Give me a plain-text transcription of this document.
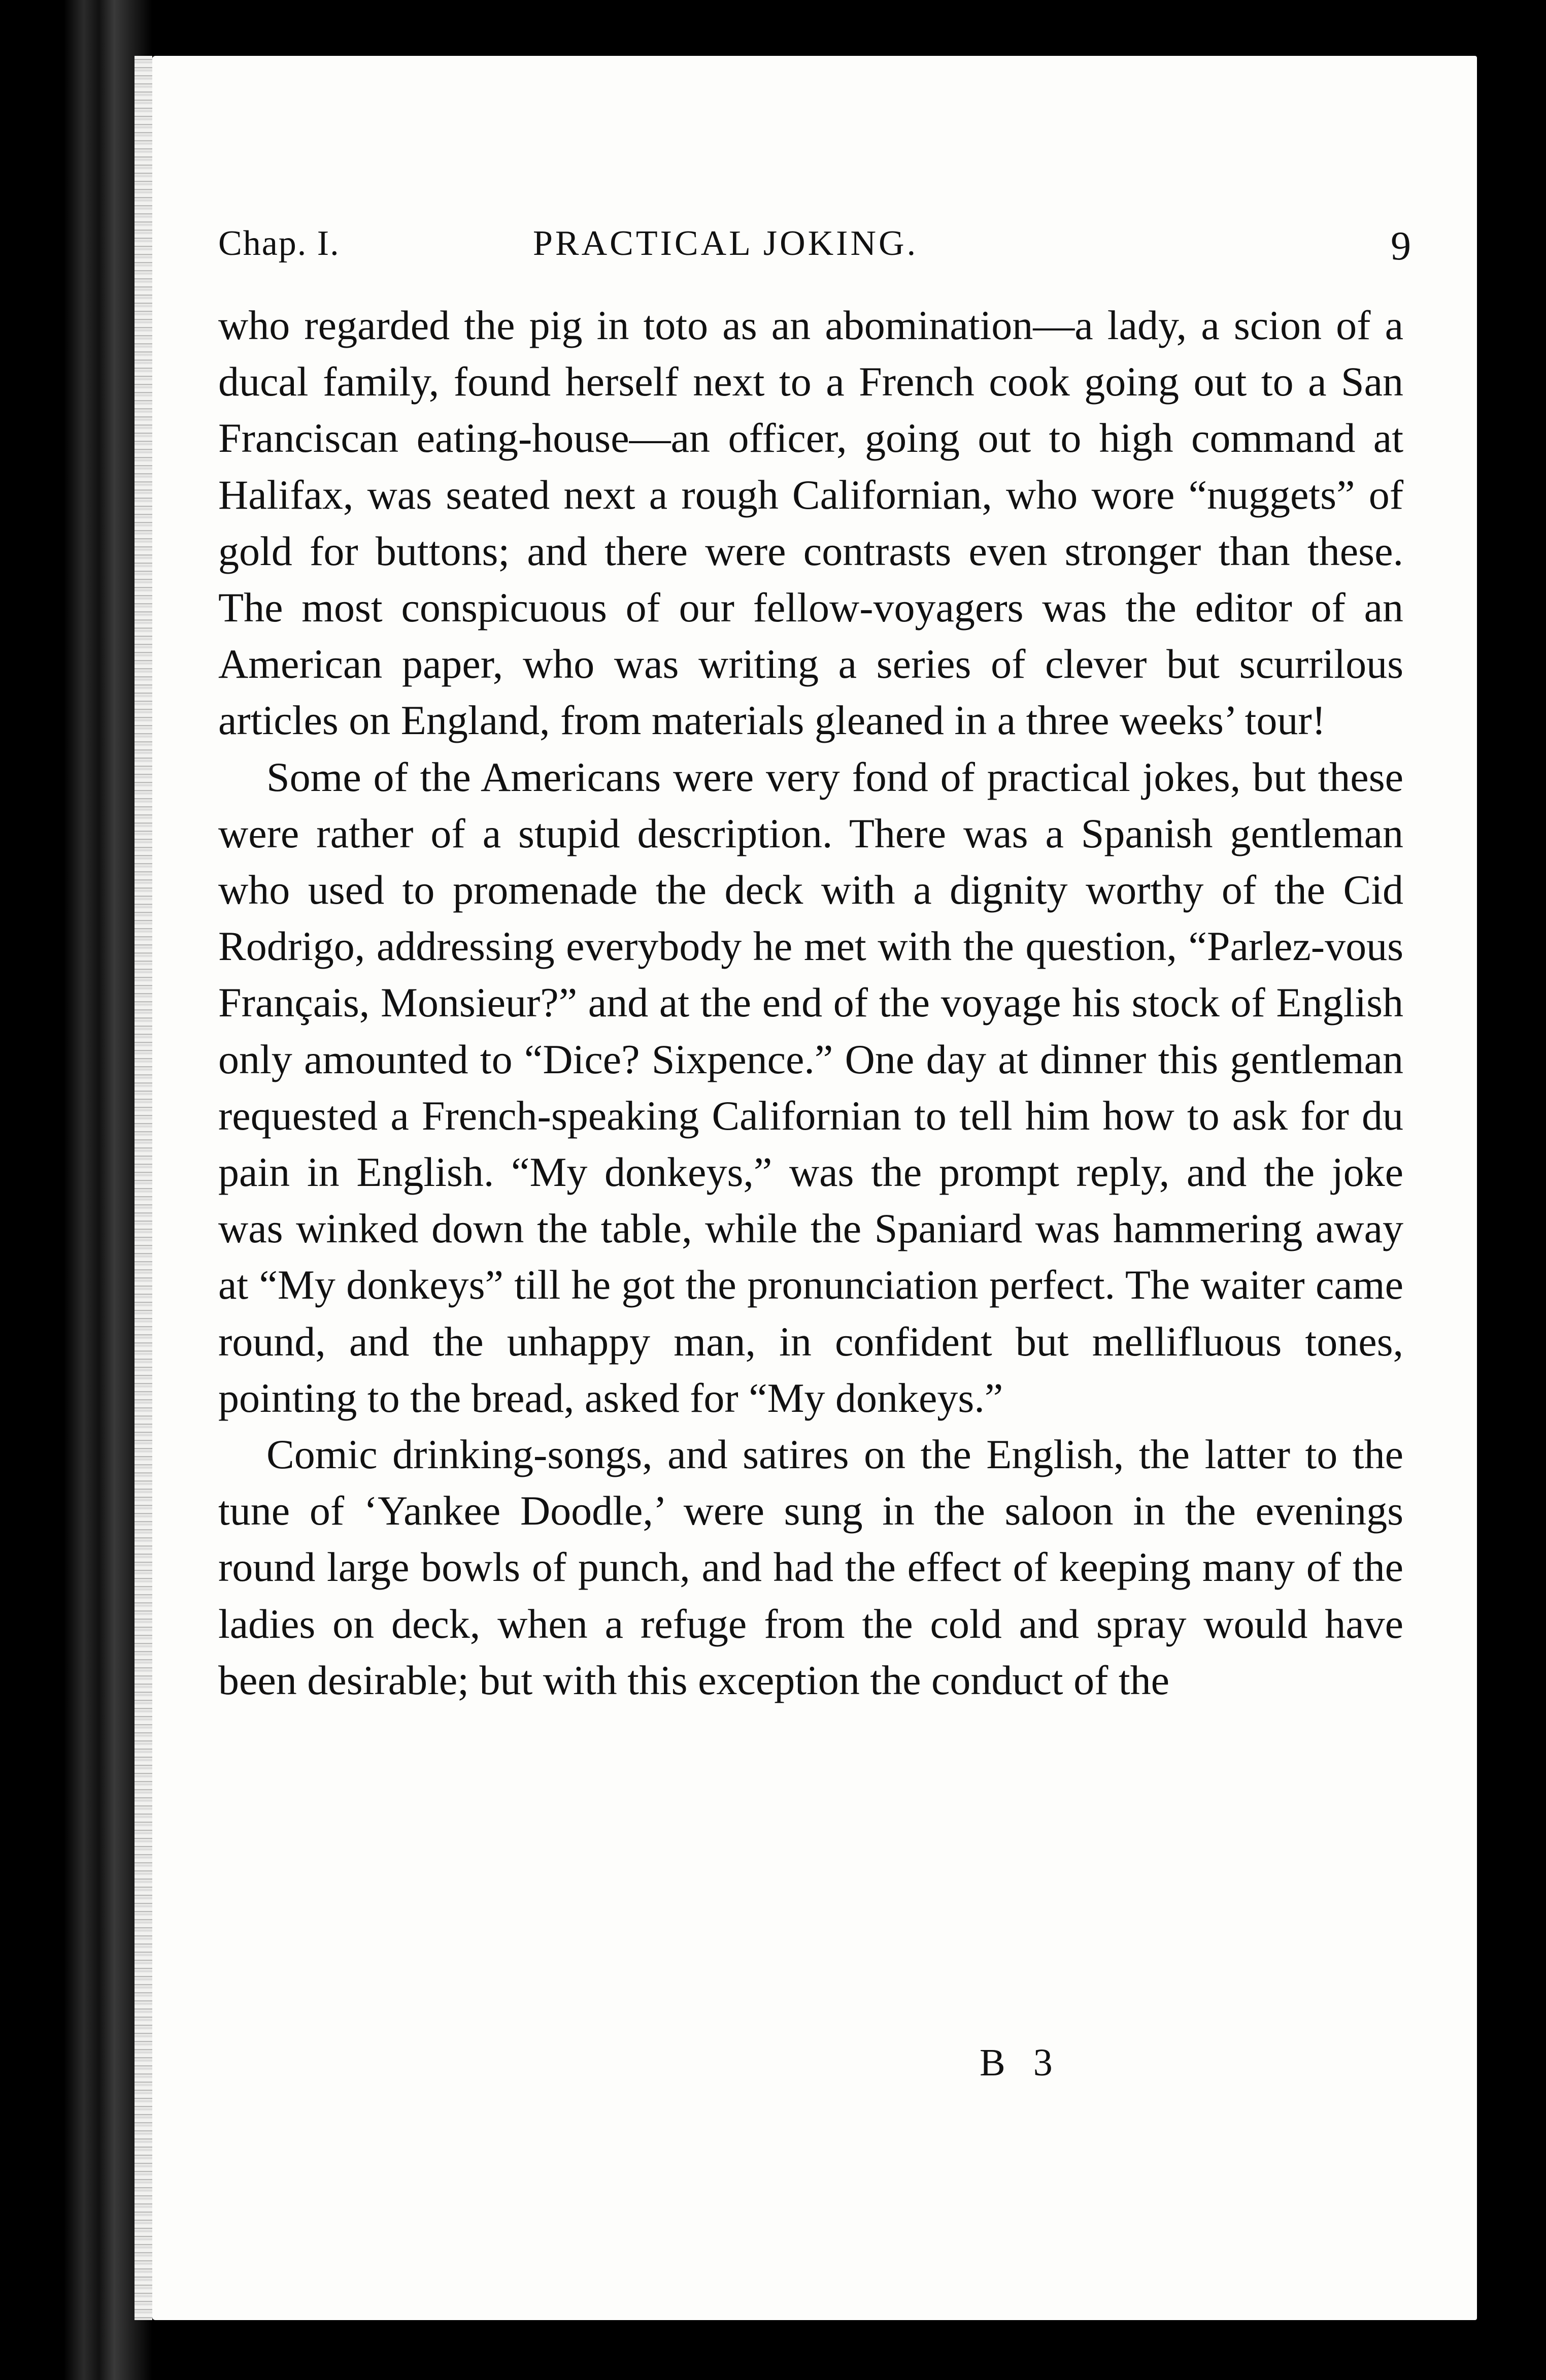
Chap. I.	PRACTICAL JOKING.	9

who regarded the pig in toto as an abomination—a lady, a scion of a ducal family, found herself next to a French cook going out to a San Franciscan eating-house—an officer, going out to high command at Halifax, was seated next a rough Californian, who wore “nuggets” of gold for buttons; and there were contrasts even stronger than these. The most conspicuous of our fellow-voyagers was the editor of an American paper, who was writing a series of clever but scurrilous articles on England, from materials gleaned in a three weeks’ tour!

Some of the Americans were very fond of practical jokes, but these were rather of a stupid description. There was a Spanish gentleman who used to promenade the deck with a dignity worthy of the Cid Rodrigo, addressing everybody he met with the question, “Parlez-vous Français, Monsieur?” and at the end of the voyage his stock of English only amounted to “Dice? Sixpence.” One day at dinner this gentleman requested a French-speaking Californian to tell him how to ask for du pain in English. “My donkeys,” was the prompt reply, and the joke was winked down the table, while the Spaniard was hammering away at “My donkeys” till he got the pronunciation perfect. The waiter came round, and the unhappy man, in confident but mellifluous tones, pointing to the bread, asked for “My donkeys.”

Comic drinking-songs, and satires on the English, the latter to the tune of ‘Yankee Doodle,’ were sung in the saloon in the evenings round large bowls of punch, and had the effect of keeping many of the ladies on deck, when a refuge from the cold and spray would have been desirable; but with this exception the conduct of the

B 3
